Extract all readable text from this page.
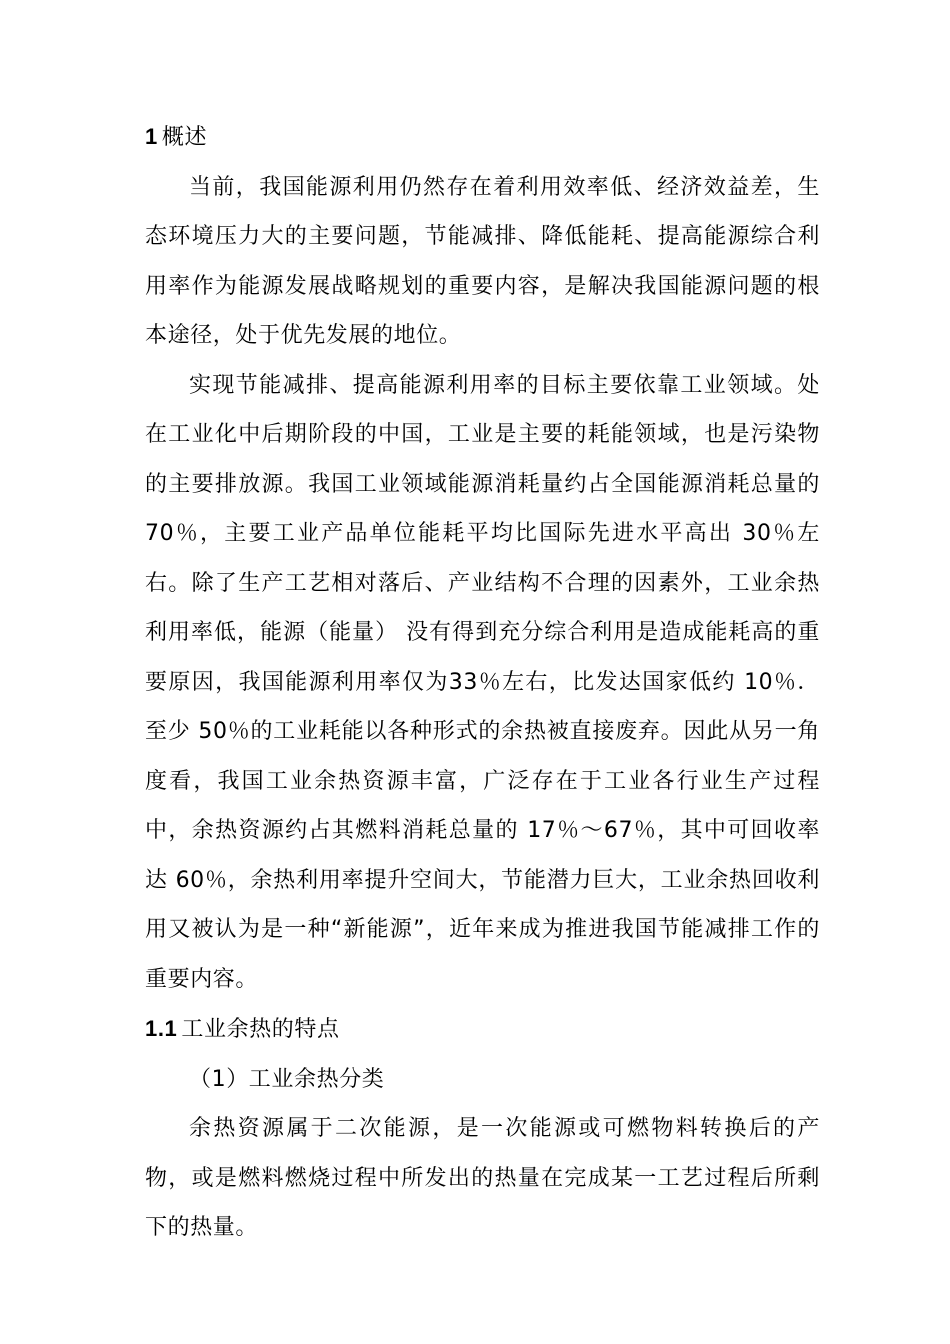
1 概述

当前，我国能源利用仍然存在着利用效率低、经济效益差，生态环境压力大的主要问题，节能减排、降低能耗、提高能源综合利用率作为能源发展战略规划的重要内容，是解决我国能源问题的根本途径，处于优先发展的地位。

实现节能减排、提高能源利用率的目标主要依靠工业领域。处在工业化中后期阶段的中国，工业是主要的耗能领域，也是污染物的主要排放源。我国工业领域能源消耗量约占全国能源消耗总量的70％，主要工业产品单位能耗平均比国际先进水平高出 30％左右。除了生产工艺相对落后、产业结构不合理的因素外，工业余热利用率低，能源（能量） 没有得到充分综合利用是造成能耗高的重要原因，我国能源利用率仅为33％左右，比发达国家低约 10％．至少 50％的工业耗能以各种形式的余热被直接废弃。因此从另一角度看，我国工业余热资源丰富，广泛存在于工业各行业生产过程中，余热资源约占其燃料消耗总量的 17％～67％，其中可回收率达 60％，余热利用率提升空间大，节能潜力巨大，工业余热回收利用又被认为是一种“新能源”，近年来成为推进我国节能减排工作的重要内容。

1.1 工业余热的特点

（1）工业余热分类

余热资源属于二次能源，是一次能源或可燃物料转换后的产物，或是燃料燃烧过程中所发出的热量在完成某一工艺过程后所剩下的热量。
